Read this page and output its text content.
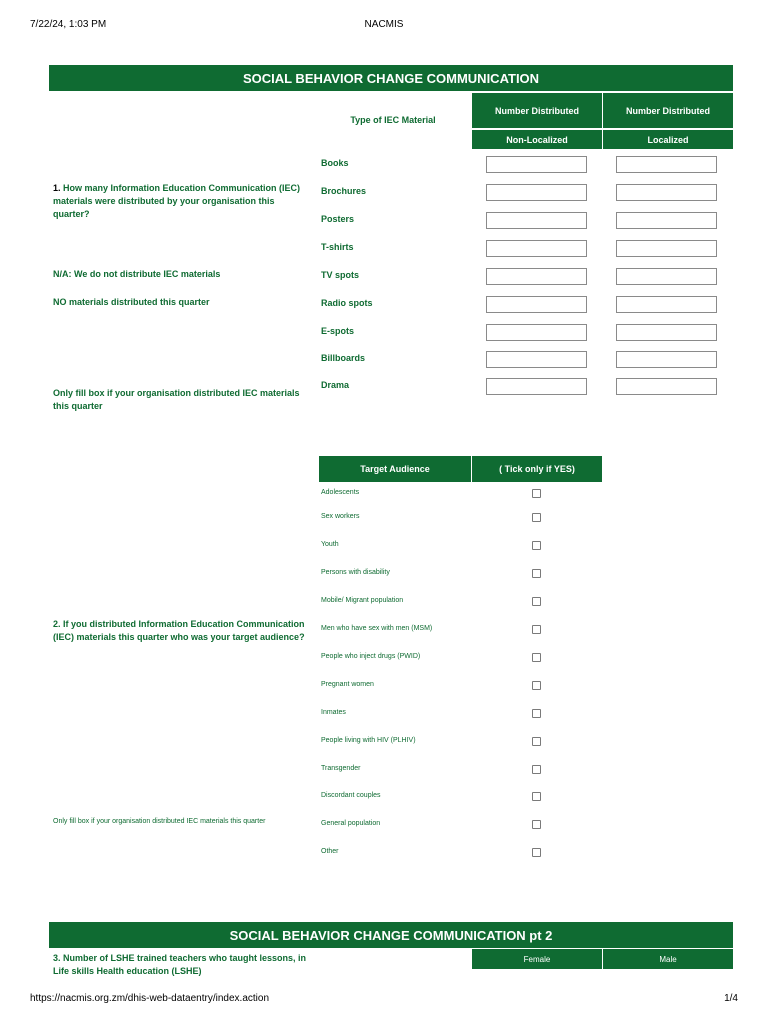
7/22/24, 1:03 PM	NACMIS
SOCIAL BEHAVIOR CHANGE COMMUNICATION
Type of IEC Material
Number Distributed	Number Distributed
Non-Localized	Localized
1. How many Information Education Communication (IEC) materials were distributed by your organisation this quarter?
N/A: We do not distribute IEC materials
NO materials distributed this quarter
Only fill box if your organisation distributed IEC materials this quarter
Books
Brochures
Posters
T-shirts
TV spots
Radio spots
E-spots
Billboards
Drama
Target Audience	( Tick only if YES)
2. If you distributed Information Education Communication (IEC) materials this quarter who was your target audience?
Only fill box if your organisation distributed IEC materials this quarter
Adolescents
Sex workers
Youth
Persons with disability
Mobile/ Migrant population
Men who have sex with men (MSM)
People who inject drugs (PWID)
Pregnant women
Inmates
People living with HIV (PLHIV)
Transgender
Discordant couples
General population
Other
SOCIAL BEHAVIOR CHANGE COMMUNICATION pt 2
3. Number of LSHE trained teachers who taught lessons, in Life skills Health education (LSHE)
Female	Male
https://nacmis.org.zm/dhis-web-dataentry/index.action	1/4
